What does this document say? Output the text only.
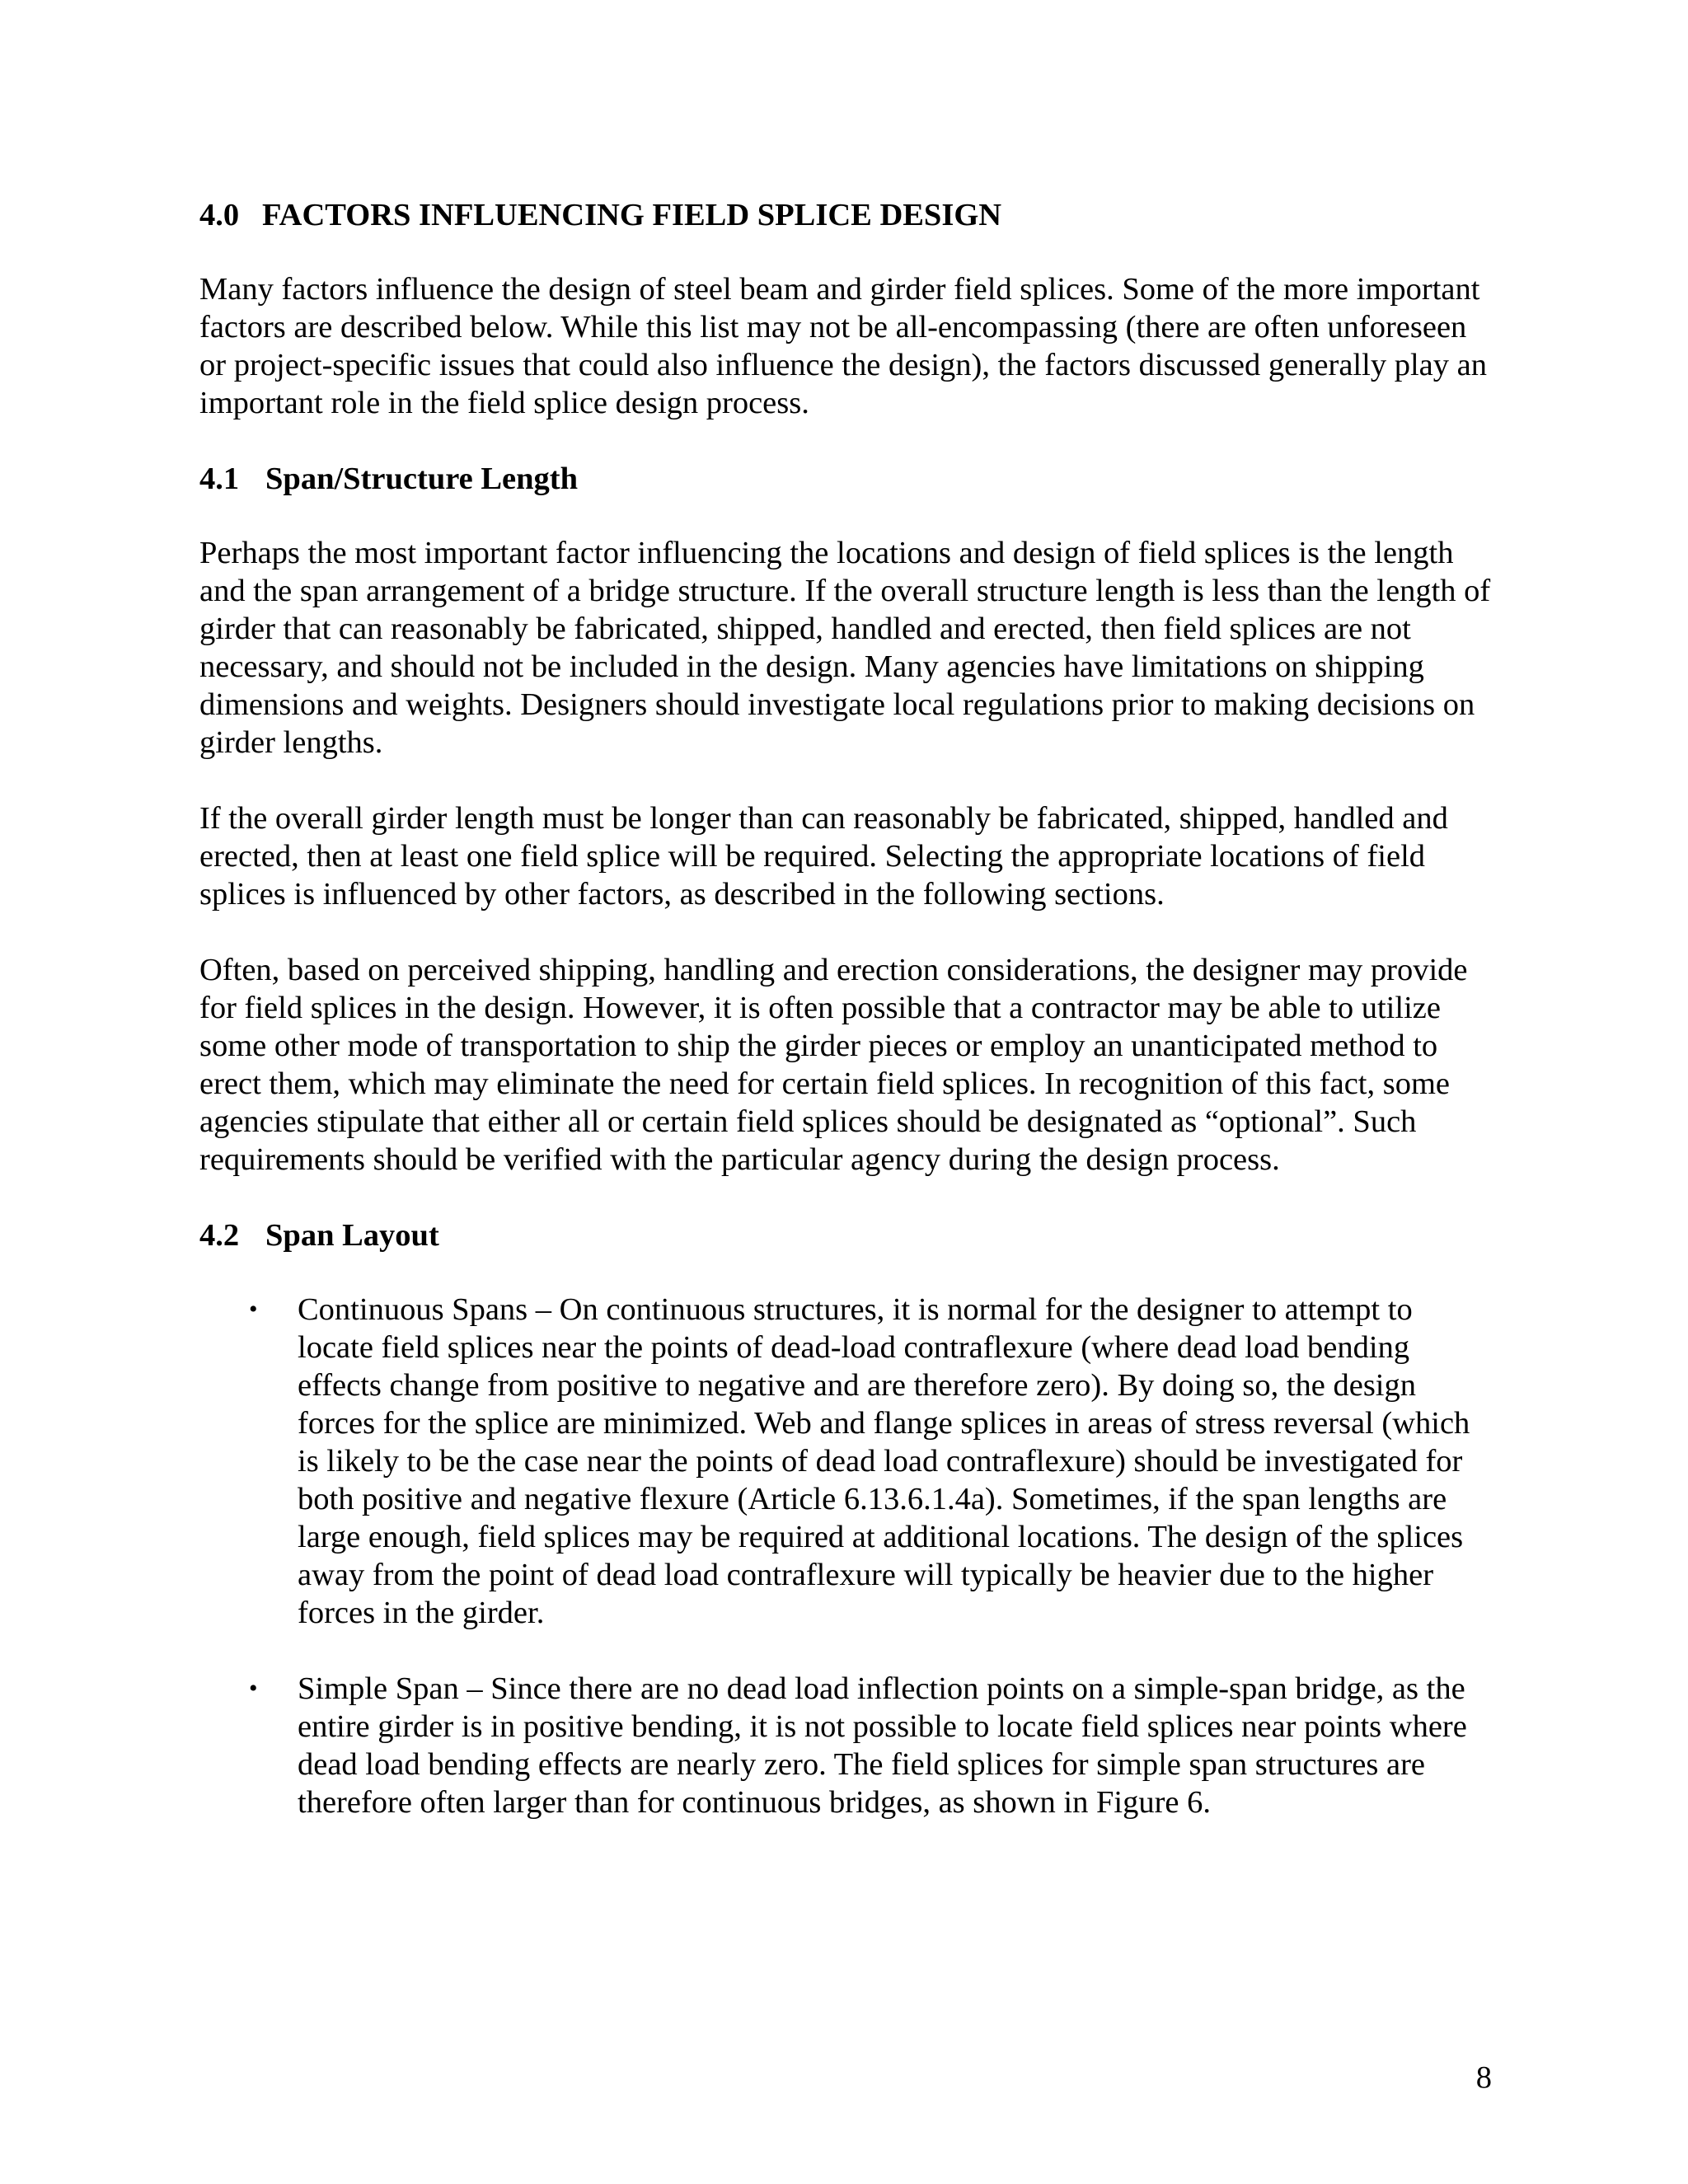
4.0 FACTORS INFLUENCING FIELD SPLICE DESIGN

Many factors influence the design of steel beam and girder field splices. Some of the more important factors are described below. While this list may not be all-encompassing (there are often unforeseen or project-specific issues that could also influence the design), the factors discussed generally play an important role in the field splice design process.

4.1 Span/Structure Length

Perhaps the most important factor influencing the locations and design of field splices is the length and the span arrangement of a bridge structure. If the overall structure length is less than the length of girder that can reasonably be fabricated, shipped, handled and erected, then field splices are not necessary, and should not be included in the design. Many agencies have limitations on shipping dimensions and weights. Designers should investigate local regulations prior to making decisions on girder lengths.

If the overall girder length must be longer than can reasonably be fabricated, shipped, handled and erected, then at least one field splice will be required. Selecting the appropriate locations of field splices is influenced by other factors, as described in the following sections.

Often, based on perceived shipping, handling and erection considerations, the designer may provide for field splices in the design. However, it is often possible that a contractor may be able to utilize some other mode of transportation to ship the girder pieces or employ an unanticipated method to erect them, which may eliminate the need for certain field splices. In recognition of this fact, some agencies stipulate that either all or certain field splices should be designated as “optional”. Such requirements should be verified with the particular agency during the design process.

4.2 Span Layout
• Continuous Spans – On continuous structures, it is normal for the designer to attempt to locate field splices near the points of dead-load contraflexure (where dead load bending effects change from positive to negative and are therefore zero). By doing so, the design forces for the splice are minimized. Web and flange splices in areas of stress reversal (which is likely to be the case near the points of dead load contraflexure) should be investigated for both positive and negative flexure (Article 6.13.6.1.4a). Sometimes, if the span lengths are large enough, field splices may be required at additional locations. The design of the splices away from the point of dead load contraflexure will typically be heavier due to the higher forces in the girder.
• Simple Span – Since there are no dead load inflection points on a simple-span bridge, as the entire girder is in positive bending, it is not possible to locate field splices near points where dead load bending effects are nearly zero. The field splices for simple span structures are therefore often larger than for continuous bridges, as shown in Figure 6.
8
